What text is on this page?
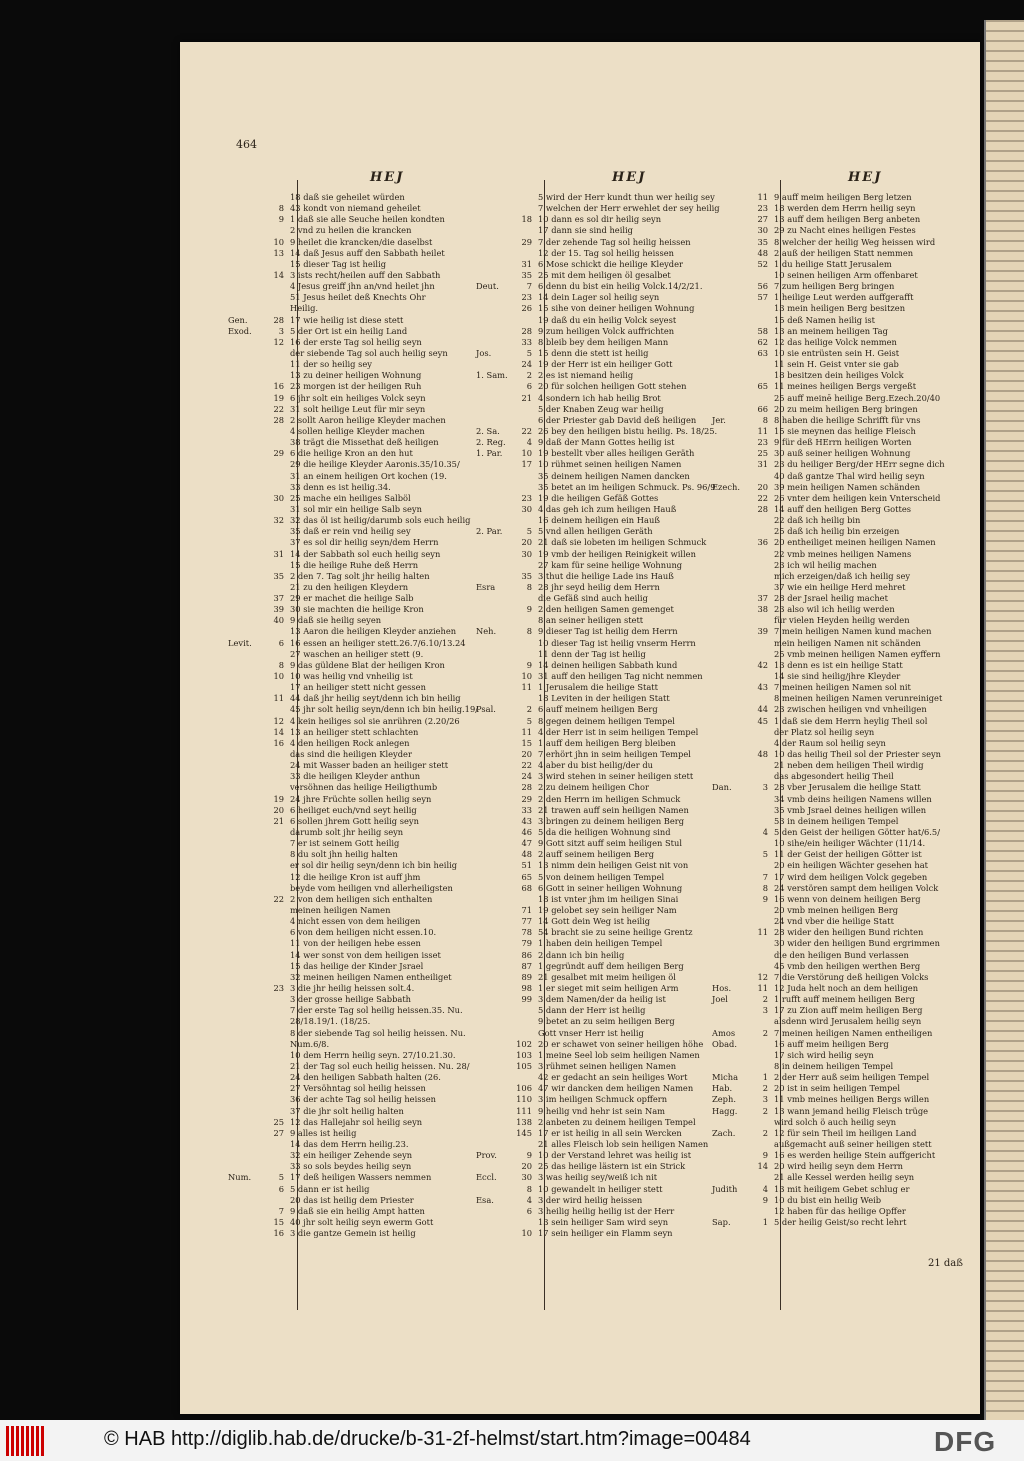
464
HEJ	HEJ	HEJ
18 daß sie geheilet würden
8 43 kondt von niemand geheilet
9 1 daß sie alle Seuche heilen kondten
2 vnd zu heilen die krancken
10 9 heilet die krancken/die daselbst
13 14 daß Jesus auff den Sabbath heilet
15 dieser Tag ist heilig
14 3 ists recht/heilen auff den Sabbath
4 Jesus greiff jhn an/vnd heilet jhn
51 Jesus heilet deß Knechts Ohr
Heilig.
Gen.	28 17 wie heilig ist diese stett
Exod.	3 5 der Ort ist ein heilig Land
12 16 der erste Tag sol heilig seyn
der siebende Tag sol auch heilig seyn
11 der so heilig sey
13 zu deiner heiligen Wohnung
16 23 morgen ist der heiligen Ruh
19 6 jhr solt ein heiliges Volck seyn
22 31 solt heilige Leut für mir seyn
28 2 sollt Aaron heilige Kleyder machen
4 sollen heilige Kleyder machen
38 trägt die Missethat deß heiligen
29 6 die heilige Kron an den hut
29 die heilige Kleyder Aaronis.35/10.35/
31 an einem heiligen Ort kochen (19.
33 denn es ist heilig.34.
30 25 mache ein heiliges Salböl
31 sol mir ein heilige Salb seyn
32 32 das öl ist heilig/darumb sols euch heilig
35 daß er rein vnd heilig sey
37 es sol dir heilig seyn/dem Herrn
31 14 der Sabbath sol euch heilig seyn
15 die heilige Ruhe deß Herrn
35 2 den 7. Tag solt jhr heilig halten
21 zu den heiligen Kleydern
37 29 er machet die heilige Salb
39 30 sie machten die heilige Kron
40 9 daß sie heilig seyen
13 Aaron die heiligen Kleyder anziehen
Levit.	6 16 essen an heiliger stett.26.7/6.10/13.24
27 waschen an heiliger stett (9.
8 9 das güldene Blat der heiligen Kron
10 10 was heilig vnd vnheilig ist
17 an heiliger stett nicht gessen
11 44 daß jhr heilig seyt/denn ich bin heilig
45 jhr solt heilig seyn/denn ich bin heilig.19/
12 4 kein heiliges sol sie anrühren (2.20/26
14 13 an heiliger stett schlachten
16 4 den heiligen Rock anlegen
das sind die heiligen Kleyder
24 mit Wasser baden an heiliger stett
33 die heiligen Kleyder anthun
versöhnen das heilige Heiligthumb
19 24 jhre Früchte sollen heilig seyn
20 6 heiliget euch/vnd seyt heilig
21 6 sollen jhrem Gott heilig seyn
darumb solt jhr heilig seyn
7 er ist seinem Gott heilig
8 du solt jhn heilig halten
er sol dir heilig seyn/denn ich bin heilig
12 die heilige Kron ist auff jhm
beyde vom heiligen vnd allerheiligsten
22 2 von dem heiligen sich enthalten
meinen heiligen Namen
4 nicht essen von dem heiligen
6 von dem heiligen nicht essen.10.
11 von der heiligen hebe essen
14 wer sonst von dem heiligen isset
15 das heilige der Kinder Jsrael
32 meinen heiligen Namen entheiliget
23 3 die jhr heilig heissen solt.4.
3 der grosse heilige Sabbath
7 der erste Tag sol heilig heissen.35. Nu.
28/18.19/1. (18/25.
8 der siebende Tag sol heilig heissen. Nu.
Num.6/8.
10 dem Herrn heilig seyn. 27/10.21.30.
21 der Tag sol euch heilig heissen. Nu. 28/
24 den heiligen Sabbath halten (26.
27 Versöhntag sol heilig heissen
36 der achte Tag sol heilig heissen
37 die jhr solt heilig halten
25 12 das Hallejahr sol heilig seyn
27 9 alles ist heilig
14 das dem Herrn heilig.23.
32 ein heiliger Zehende seyn
33 so sols beydes heilig seyn
Num.	5 17 deß heiligen Wassers nemmen
6 5 dann er ist heilig
20 das ist heilig dem Priester
7 9 daß sie ein heilig Ampt hatten
15 40 jhr solt heilig seyn ewerm Gott
16 3 die gantze Gemein ist heilig
5 wird der Herr kundt thun wer heilig sey
7 welchen der Herr erwehlet der sey heilig
18 10 dann es sol dir heilig seyn
17 dann sie sind heilig
29 7 der zehende Tag sol heilig heissen
12 der 15. Tag sol heilig heissen
31 6 Mose schickt die heilige Kleyder
35 25 mit dem heiligen öl gesalbet
Deut.	7 6 denn du bist ein heilig Volck.14/2/21.
23 14 dein Lager sol heilig seyn
26 15 sihe von deiner heiligen Wohnung
19 daß du ein heilig Volck seyest
28 9 zum heiligen Volck auffrichten
33 8 bleib bey dem heiligen Mann
Jos.	5 15 denn die stett ist heilig
24 19 der Herr ist ein heiliger Gott
1. Sam.	2 2 es ist niemand heilig
6 20 für solchen heiligen Gott stehen
21 4 sondern ich hab heilig Brot
5 der Knaben Zeug war heilig
6 der Priester gab David deß heiligen
2. Sa.	22 26 bey den heiligen bistu heilig. Ps. 18/25.
2. Reg.	4 9 daß der Mann Gottes heilig ist
1. Par.	10 19 bestellt vber alles heiligen Geräth
17 10 rühmet seinen heiligen Namen
35 deinem heiligen Namen dancken
35 betet an im heiligen Schmuck. Ps. 96/9
23 19 die heiligen Gefäß Gottes
30 4 das geh ich zum heiligen Hauß
16 deinem heiligen ein Hauß
2. Par.	5 5 vnd allen heiligen Geräth
20 21 daß sie lobeten im heiligen Schmuck
30 19 vmb der heiligen Reinigkeit willen
27 kam für seine heilige Wohnung
35 3 thut die heilige Lade ins Hauß
Esra	8 28 jhr seyd heilig dem Herrn
die Gefäß sind auch heilig
9 2 den heiligen Samen gemenget
8 an seiner heiligen stett
Neh.	8 9 dieser Tag ist heilig dem Herrn
10 dieser Tag ist heilig vnserm Herrn
11 denn der Tag ist heilig
9 14 deinen heiligen Sabbath kund
10 31 auff den heiligen Tag nicht nemmen
11 1 Jerusalem die heilige Statt
18 Leviten in der heiligen Statt
Psal.	2 6 auff meinem heiligen Berg
5 8 gegen deinem heiligen Tempel
11 4 der Herr ist in seim heiligen Tempel
15 1 auff dem heiligen Berg bleiben
20 7 erhört jhn in seim heiligen Tempel
22 4 aber du bist heilig/der du
24 3 wird stehen in seiner heiligen stett
28 2 zu deinem heiligen Chor
29 2 den Herrn im heiligen Schmuck
33 21 trawen auff sein heiligen Namen
43 3 bringen zu deinem heiligen Berg
46 5 da die heiligen Wohnung sind
47 9 Gott sitzt auff seim heiligen Stul
48 2 auff seinem heiligen Berg
51 13 nimm dein heiligen Geist nit von
65 5 von deinem heiligen Tempel
68 6 Gott in seiner heiligen Wohnung
18 ist vnter jhm im heiligen Sinai
71 19 gelobet sey sein heiliger Nam
77 14 Gott dein Weg ist heilig
78 54 bracht sie zu seine heilige Grentz
79 1 haben dein heiligen Tempel
86 2 dann ich bin heilig
87 1 gegründt auff dem heiligen Berg
89 21 gesalbet mit meim heiligen öl
98 1 er sieget mit seim heiligen Arm
99 3 dem Namen/der da heilig ist
5 dann der Herr ist heilig
9 betet an zu seim heiligen Berg
Gott vnser Herr ist heilig
102 20 er schawet von seiner heiligen höhe
103 1 meine Seel lob seim heiligen Namen
105 3 rühmet seinen heiligen Namen
42 er gedacht an sein heiliges Wort
106 47 wir dancken dem heiligen Namen
110 3 im heiligen Schmuck opffern
111 9 heilig vnd hehr ist sein Nam
138 2 anbeten zu deinem heiligen Tempel
145 17 er ist heilig in all sein Wercken
21 alles Fleisch lob sein heiligen Namen
Prov.	9 10 der Verstand lehret was heilig ist
20 25 das heilige lästern ist ein Strick
Eccl.	30 3 was heilig sey/weiß ich nit
8 10 gewandelt in heiliger stett
Esa.	4 3 der wird heilig heissen
6 3 heilig heilig heilig ist der Herr
13 sein heiliger Sam wird seyn
10 17 sein heiliger ein Flamm seyn
11 9 auff meim heiligen Berg letzen
23 18 werden dem Herrn heilig seyn
27 13 auff dem heiligen Berg anbeten
30 29 zu Nacht eines heiligen Festes
35 8 welcher der heilig Weg heissen wird
48 2 auß der heiligen Statt nemmen
52 1 du heilige Statt Jerusalem
10 seinen heiligen Arm offenbaret
56 7 zum heiligen Berg bringen
57 1 heilige Leut werden auffgerafft
13 mein heiligen Berg besitzen
15 deß Namen heilig ist
58 13 an meinem heiligen Tag
62 12 das heilige Volck nemmen
63 10 sie entrüsten sein H. Geist
11 sein H. Geist vnter sie gab
18 besitzen dein heiliges Volck
65 11 meines heiligen Bergs vergeßt
25 auff meinē heilige Berg.Ezech.20/40
66 20 zu meim heiligen Berg bringen
Jer.	8 8 haben die heilige Schrifft für vns
11 15 sie meynen das heilige Fleisch
23 9 für deß HErrn heiligen Worten
25 30 auß seiner heiligen Wohnung
31 23 du heiliger Berg/der HErr segne dich
40 daß gantze Thal wird heilig seyn
Ezech.	20 39 mein heiligen Namen schänden
22 26 vnter dem heiligen kein Vnterscheid
28 14 auff den heiligen Berg Gottes
22 daß ich heilig bin
25 daß ich heilig bin erzeigen
36 20 entheiliget meinen heiligen Namen
22 vmb meines heiligen Namens
23 ich wil heilig machen
mich erzeigen/daß ich heilig sey
37 wie ein heilige Herd mehret
37 28 der Jsrael heilig machet
38 23 also wil ich heilig werden
für vielen Heyden heilig werden
39 7 mein heiligen Namen kund machen
mein heiligen Namen nit schänden
25 vmb meinen heiligen Namen eyffern
42 13 denn es ist ein heilige Statt
14 sie sind heilig/jhre Kleyder
43 7 meinen heiligen Namen sol nit
8 meinen heiligen Namen verunreiniget
44 23 zwischen heiligen vnd vnheiligen
45 1 daß sie dem Herrn heylig Theil sol
der Platz sol heilig seyn
4 der Raum sol heilig seyn
48 10 das heilig Theil sol der Priester seyn
21 neben dem heiligen Theil wirdig
das abgesondert heilig Theil
Dan.	3 28 vber Jerusalem die heilige Statt
34 vmb deins heiligen Namens willen
35 vmb Jsrael deines heiligen willen
53 in deinem heiligen Tempel
4 5 den Geist der heiligen Götter hat/6.5/
10 sihe/ein heiliger Wächter (11/14.
5 11 der Geist der heiligen Götter ist
20 ein heiligen Wächter gesehen hat
7 17 wird dem heiligen Volck gegeben
8 24 verstören sampt dem heiligen Volck
9 16 wenn von deinem heiligen Berg
20 vmb meinen heiligen Berg
24 vnd vber die heilige Statt
11 28 wider den heiligen Bund richten
30 wider den heiligen Bund ergrimmen
die den heiligen Bund verlassen
45 vmb den heiligen werthen Berg
12 7 die Verstörung deß heiligen Volcks
Hos.	11 12 Juda helt noch an dem heiligen
Joel	2 1 rufft auff meinem heiligen Berg
3 17 zu Zion auff meim heiligen Berg
alsdenn wird Jerusalem heilig seyn
Amos	2 7 meinen heiligen Namen entheiligen
Obad.	16 auff meim heiligen Berg
17 sich wird heilig seyn
8 in deinem heiligen Tempel
Micha	1 2 der Herr auß seim heiligen Tempel
Hab.	2 20 ist in seim heiligen Tempel
Zeph.	3 11 vmb meines heiligen Bergs willen
Hagg.	2 13 wann jemand heilig Fleisch trüge
wird solch ö auch heilig seyn
Zach.	2 12 für sein Theil im heiligen Land
außgemacht auß seiner heiligen stett
9 16 es werden heilige Stein auffgericht
14 20 wird heilig seyn dem Herrn
21 alle Kessel werden heilig seyn
Judith	4 13 mit heiligem Gebet schlug er
9 10 du bist ein heilig Weib
12 haben für das heilige Opffer
Sap.	1 5 der heilig Geist/so recht lehrt
21 daß
© HAB http://diglib.hab.de/drucke/b-31-2f-helmst/start.htm?image=00484	DFG
